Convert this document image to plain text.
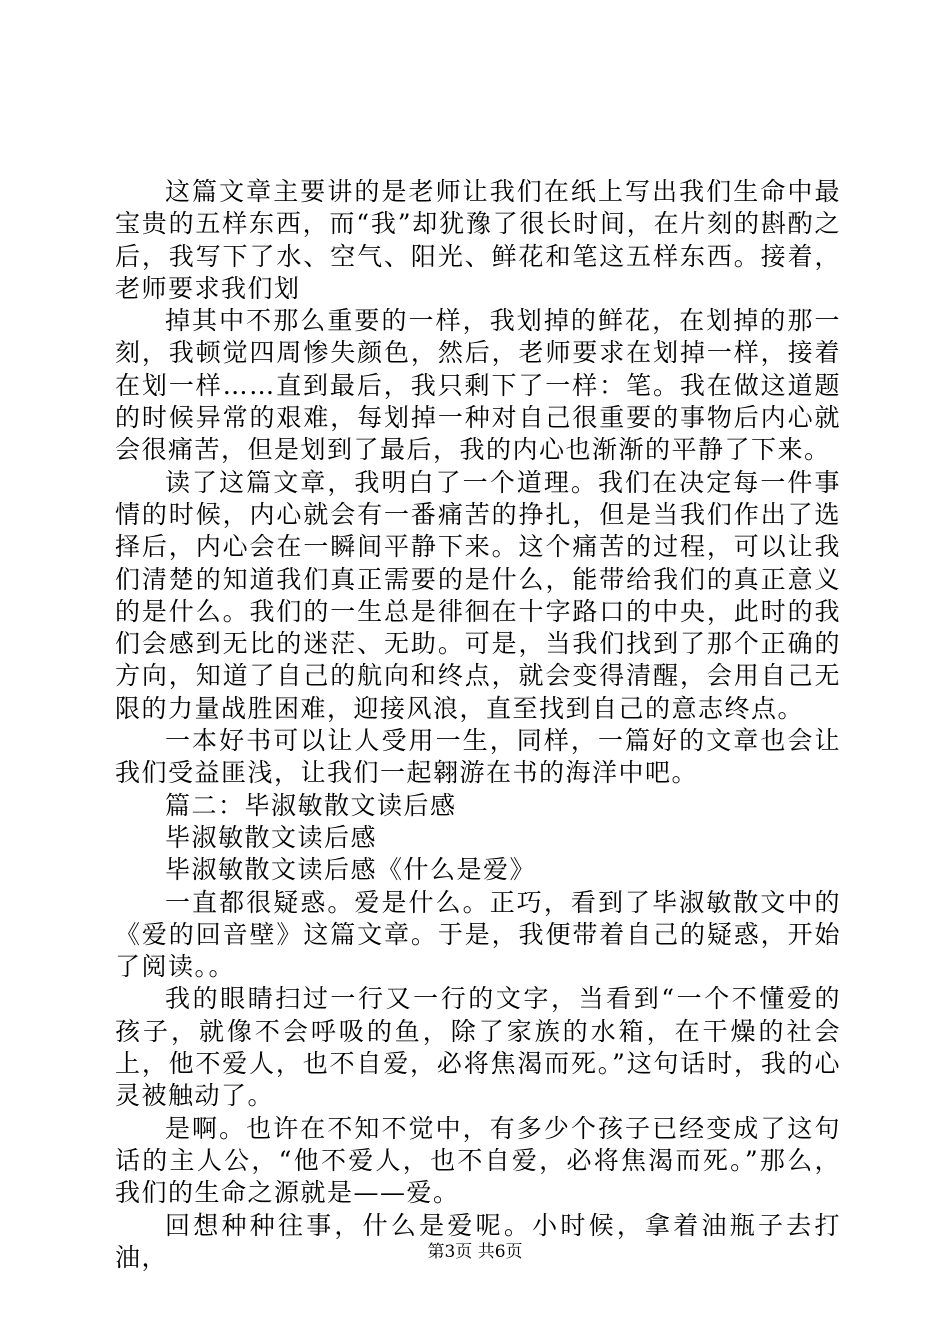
这篇文章主要讲的是老师让我们在纸上写出我们生命中最宝贵的五样东西，而“我”却犹豫了很长时间，在片刻的斟酌之后，我写下了水、空气、阳光、鲜花和笔这五样东西。接着，老师要求我们划

掉其中不那么重要的一样，我划掉的鲜花，在划掉的那一刻，我顿觉四周惨失颜色，然后，老师要求在划掉一样，接着在划一样……直到最后，我只剩下了一样：笔。我在做这道题的时候异常的艰难，每划掉一种对自己很重要的事物后内心就会很痛苦，但是划到了最后，我的内心也渐渐的平静了下来。

读了这篇文章，我明白了一个道理。我们在决定每一件事情的时候，内心就会有一番痛苦的挣扎，但是当我们作出了选择后，内心会在一瞬间平静下来。这个痛苦的过程，可以让我们清楚的知道我们真正需要的是什么，能带给我们的真正意义的是什么。我们的一生总是徘徊在十字路口的中央，此时的我们会感到无比的迷茫、无助。可是，当我们找到了那个正确的方向，知道了自己的航向和终点，就会变得清醒，会用自己无限的力量战胜困难，迎接风浪，直至找到自己的意志终点。

一本好书可以让人受用一生，同样，一篇好的文章也会让我们受益匪浅，让我们一起翱游在书的海洋中吧。

篇二：毕淑敏散文读后感

毕淑敏散文读后感

毕淑敏散文读后感《什么是爱》

一直都很疑惑。爱是什么。正巧，看到了毕淑敏散文中的《爱的回音壁》这篇文章。于是，我便带着自己的疑惑，开始了阅读。。

我的眼睛扫过一行又一行的文字，当看到“一个不懂爱的孩子，就像不会呼吸的鱼，除了家族的水箱，在干燥的社会上，他不爱人，也不自爱，必将焦渴而死。”这句话时，我的心灵被触动了。

是啊。也许在不知不觉中，有多少个孩子已经变成了这句话的主人公，“他不爱人，也不自爱，必将焦渴而死。”那么，我们的生命之源就是——爱。

回想种种往事，什么是爱呢。小时候，拿着油瓶子去打油，	第3页 共6页
